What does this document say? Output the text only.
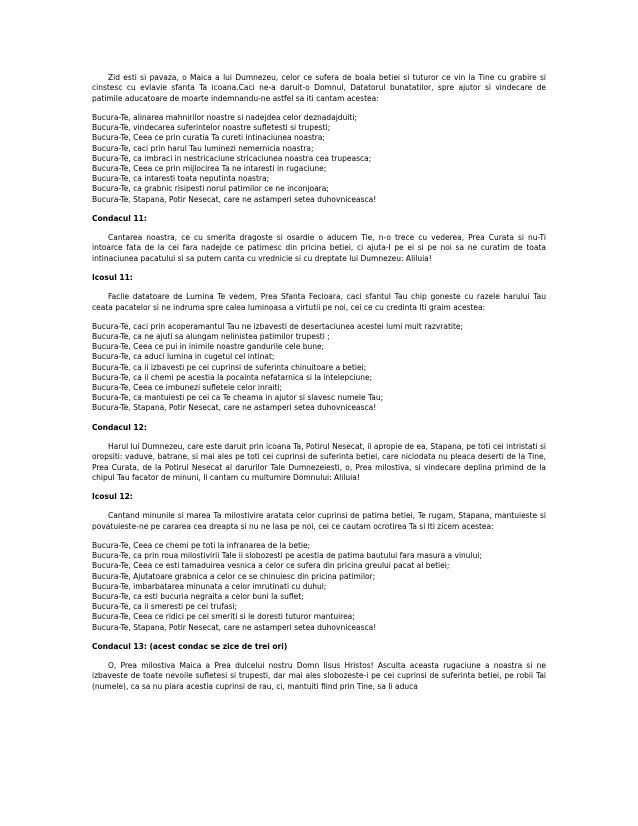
Zid esti si pavaza, o Maica a lui Dumnezeu, celor ce sufera de boala betiei si tuturor ce vin la Tine cu grabire si cinstesc cu evlavie sfanta Ta icoana.Caci ne-a daruit-o Domnul, Datatorul bunatatilor, spre ajutor si vindecare de patimile aducatoare de moarte indemnandu-ne astfel sa iti cantam acestea:

Bucura-Te, alinarea mahnirilor noastre si nadejdea celor deznadajduiti;
Bucura-Te, vindecarea suferintelor noastre sufletesti si trupesti;
Bucura-Te, Ceea ce prin curatia Ta cureti intinaciunea noastra;
Bucura-Te, caci prin harul Tau luminezi nemernicia noastra;
Bucura-Te, ca imbraci in nestricaciune stricaciunea noastra cea trupeasca;
Bucura-Te, Ceea ce prin mijlocirea Ta ne intaresti in rugaciune;
Bucura-Te, ca intaresti toata neputinta noastra;
Bucura-Te, ca grabnic risipesti norul patimilor ce ne inconjoara;
Bucura-Te, Stapana, Potir Nesecat, care ne astamperi setea duhovniceasca!
Condacul 11:

Cantarea noastra, ce cu smerita dragoste si osardie o aducem Tie, n-o trece cu vederea, Prea Curata si nu-Ti intoarce fata de la cei fara nadejde ce patimesc din pricina betiei, ci ajuta-I pe ei si pe noi sa ne curatim de toata intinaciunea pacatului si sa putem canta cu vrednicie si cu dreptate lui Dumnezeu: Aliluia!

Icosul 11:

Faclie datatoare de Lumina Te vedem, Prea Sfanta Fecioara, caci sfantul Tau chip goneste cu razele harului Tau ceata pacatelor si ne indruma spre calea luminoasa a virtutii pe noi, cei ce cu credinta Iti graim acestea:

Bucura-Te, caci prin acoperamantul Tau ne izbavesti de desertaciunea acestei lumi mult razvratite;
Bucura-Te, ca ne ajuti sa alungam nelinistea patimilor trupesti ;
Bucura-Te, Ceea ce pui in inimile noastre gandurile cele bune;
Bucura-Te, ca aduci lumina in cugetul cel intinat;
Bucura-Te, ca ii izbavesti pe cei cuprinsi de suferinta chinuitoare a betiei;
Bucura-Te, ca ii chemi pe acestia la pocainta nefatarnica si la intelepciune;
Bucura-Te, Ceea ce imbunezi sufletele celor inraiti;
Bucura-Te, ca mantuiesti pe cei ca Te cheama in ajutor si slavesc numele Tau;
Bucura-Te, Stapana, Potir Nesecat, care ne astamperi setea duhovniceasca!
Condacul 12:

Harul lui Dumnezeu, care este daruit prin icoana Ta, Potirul Nesecat, ii apropie de ea, Stapana, pe toti cei intristati si oropsiti: vaduve, batrane, si mai ales pe toti cei cuprinsi de suferinta betiei, care niciodata nu pleaca deserti de la Tine, Prea Curata, de la Potirul Nesecat al darurilor Tale Dumnezeiesti, o, Prea milostiva, si vindecare deplina primind de la chipul Tau facator de minuni, Ii cantam cu multumire Domnului: Aliluia!

Icosul 12:

Cantand minunile si marea Ta milostivire aratata celor cuprinsi de patima betiei, Te rugam, Stapana, mantuieste si povatuieste-ne pe cararea cea dreapta si nu ne lasa pe noi, cei ce cautam ocrotirea Ta si Iti zicem acestea:

Bucura-Te, Ceea ce chemi pe toti la infranarea de la betie;
Bucura-Te, ca prin roua milostivirii Tale ii slobozesti pe acestia de patima bautului fara masura a vinului;
Bucura-Te, Ceea ce esti tamaduirea vesnica a celor ce sufera din pricina greului pacat al betiei;
Bucura-Te, Ajutatoare grabnica a celor ce se chinuiesc din pricina patimilor;
Bucura-Te, imbarbatarea minunata a celor imrutinati cu duhul;
Bucura-Te, ca esti bucuria negraita a celor buni la suflet;
Bucura-Te, ca ii smeresti pe cei trufasi;
Bucura-Te, Ceea ce ridici pe cei smeriti si le doresti tuturor mantuirea;
Bucura-Te, Stapana, Potir Nesecat, care ne astamperi setea duhovniceasca!
Condacul 13: (acest condac se zice de trei ori)

O, Prea milostiva Maica a Prea dulcelui nostru Domn Iisus Hristos! Asculta aceasta rugaciune a noastra si ne izbaveste de toate nevoile sufletesi si trupesti, dar mai ales slobozeste-i pe cei cuprinsi de suferinta betiei, pe robii Tai (numele), ca sa nu piara acestia cuprinsi de rau, ci, mantuiti fiind prin Tine, sa Ii aduca
